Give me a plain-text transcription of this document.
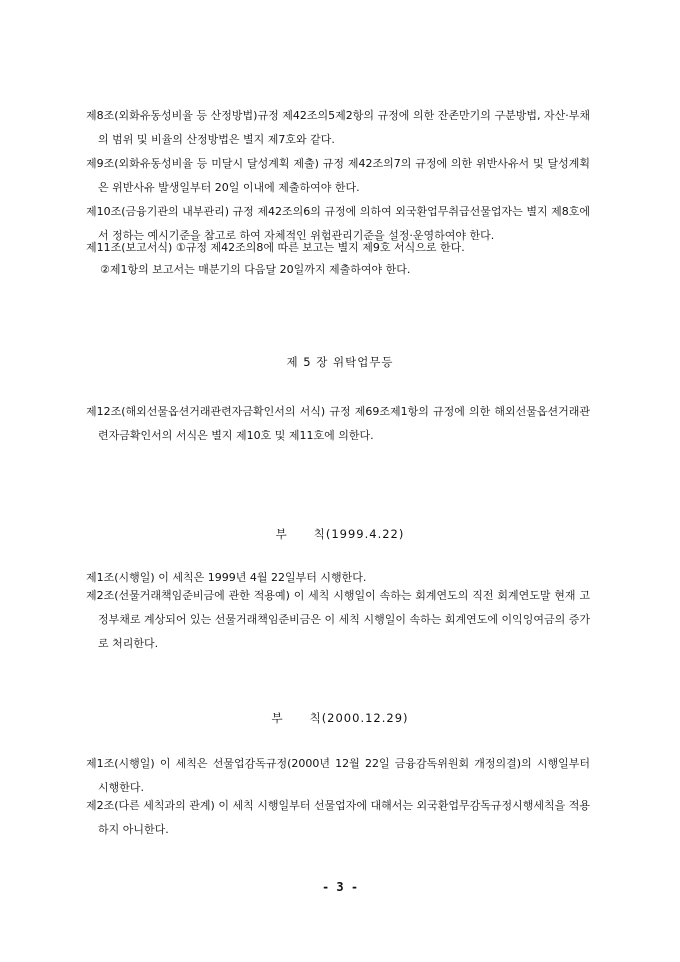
제8조(외화유동성비율 등 산정방법)규정 제42조의5제2항의 규정에 의한 잔존만기의 구분방법, 자산·부채의 범위 및 비율의 산정방법은 별지 제7호와 같다.
제9조(외화유동성비율 등 미달시 달성계획 제출) 규정 제42조의7의 규정에 의한 위반사유서 및 달성계획은 위반사유 발생일부터 20일 이내에 제출하여야 한다.
제10조(금융기관의 내부관리) 규정 제42조의6의 규정에 의하여 외국환업무취급선물업자는 별지 제8호에서 정하는 예시기준을 참고로 하여 자체적인 위험관리기준을 설정·운영하여야 한다.
제11조(보고서식) ①규정 제42조의8에 따른 보고는 별지 제9호 서식으로 한다.
②제1항의 보고서는 매분기의 다음달 20일까지 제출하여야 한다.
제 5 장 위탁업무등
제12조(해외선물옵션거래관련자금확인서의 서식) 규정 제69조제1항의 규정에 의한 해외선물옵션거래관련자금확인서의 서식은 별지 제10호 및 제11호에 의한다.
부 칙(1999.4.22)
제1조(시행일) 이 세칙은 1999년 4월 22일부터 시행한다.
제2조(선물거래책임준비금에 관한 적용예) 이 세칙 시행일이 속하는 회계연도의 직전 회계연도말 현재 고정부채로 계상되어 있는 선물거래책임준비금은 이 세칙 시행일이 속하는 회계연도에 이익잉여금의 증가로 처리한다.
부 칙(2000.12.29)
제1조(시행일) 이 세칙은 선물업감독규정(2000년 12월 22일 금융감독위원회 개정의결)의 시행일부터 시행한다.
제2조(다른 세칙과의 관계) 이 세칙 시행일부터 선물업자에 대해서는 외국환업무감독규정시행세칙을 적용하지 아니한다.
- 3 -
